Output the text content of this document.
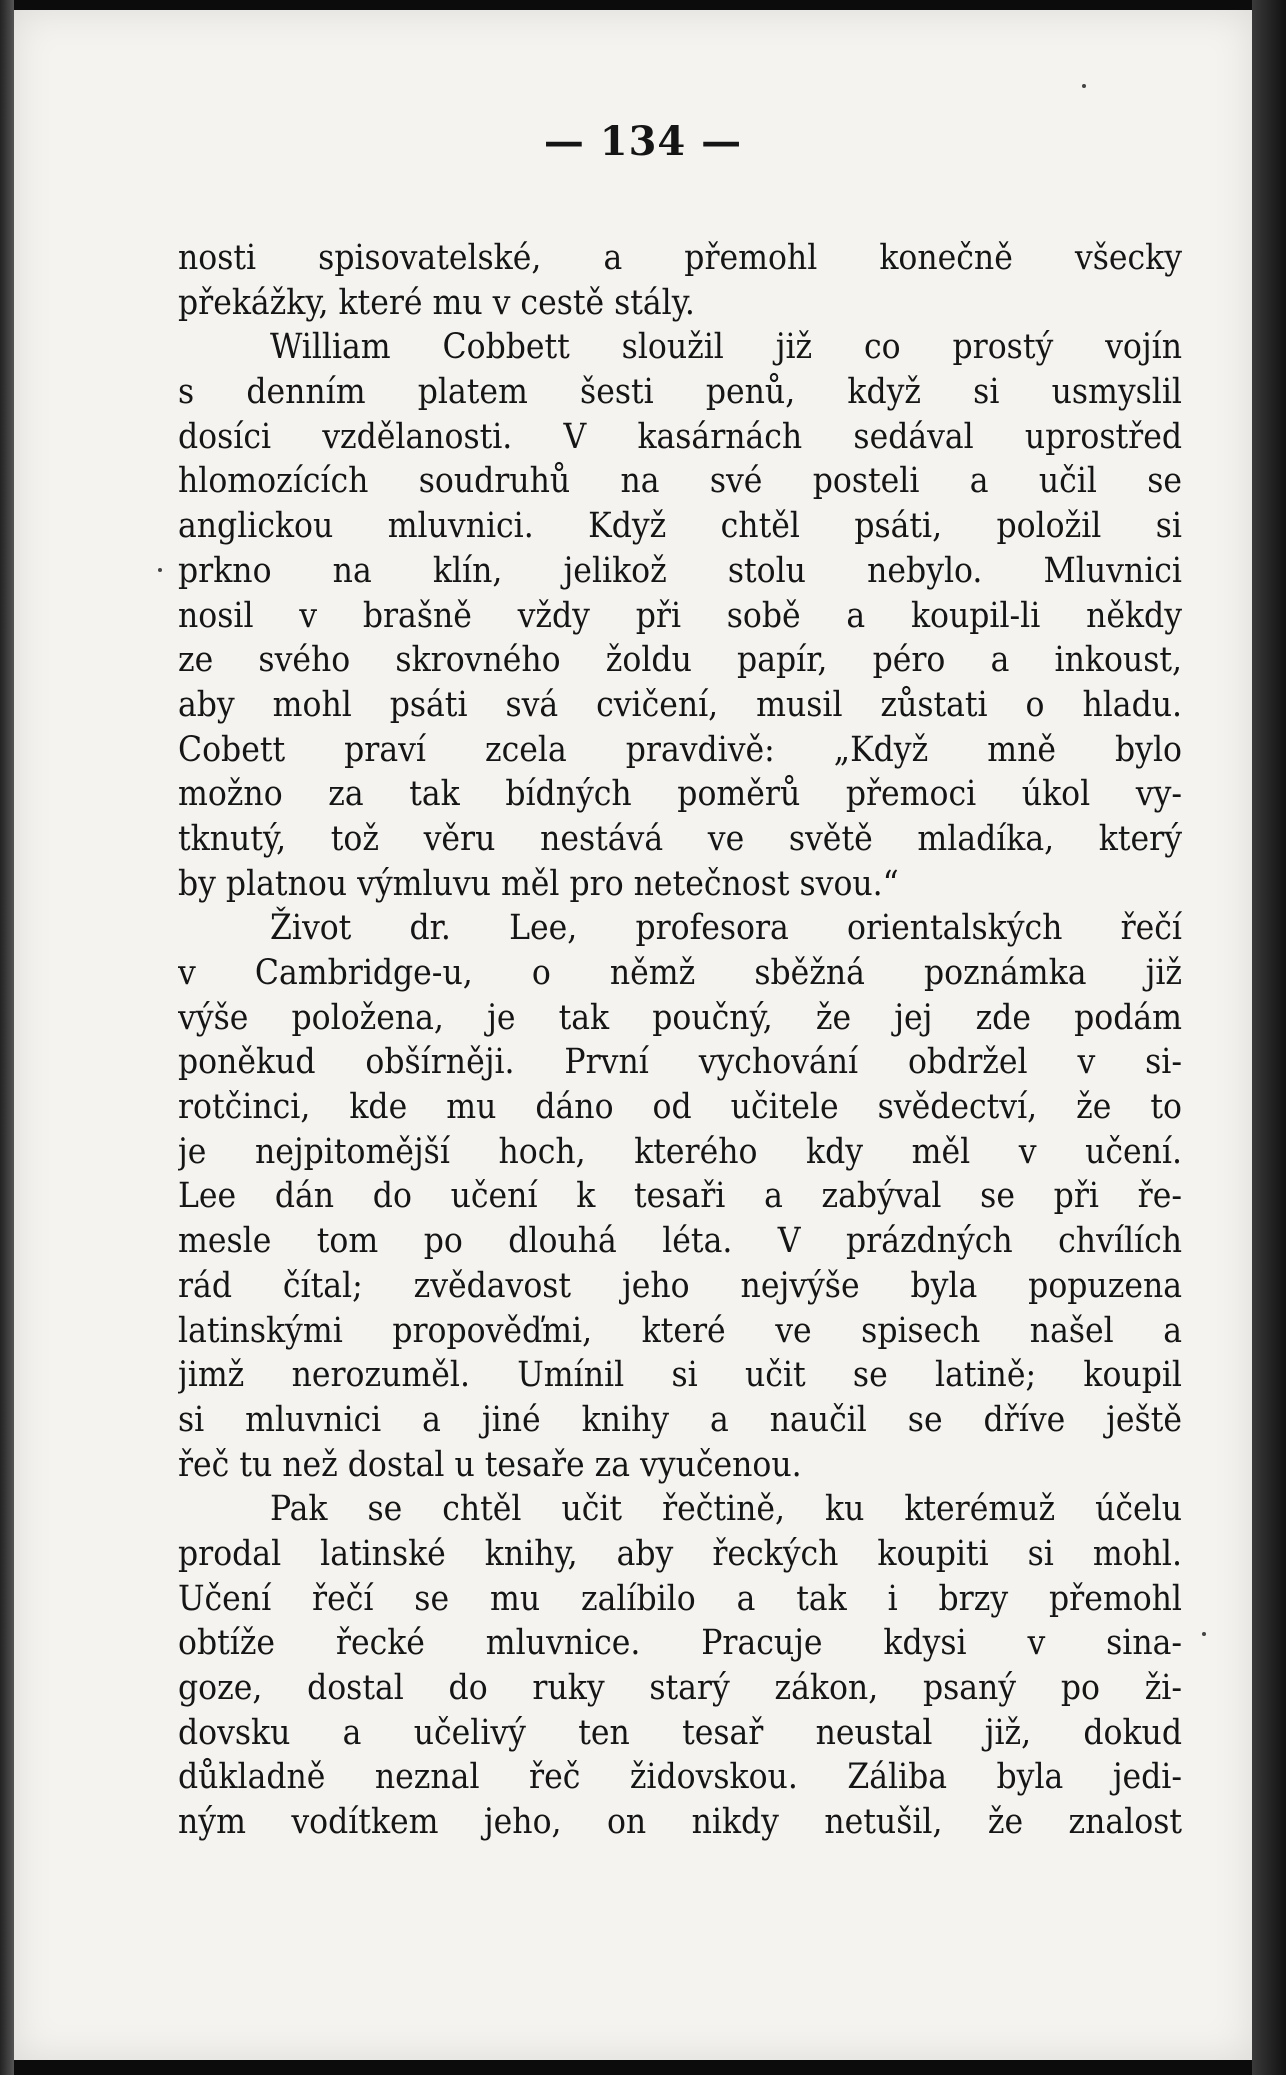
— 134 —
nosti spisovatelské, a přemohl konečně všecky
překážky, které mu v cestě stály.
William Cobbett sloužil již co prostý vojín
s denním platem šesti penů, když si usmyslil
dosíci vzdělanosti. V kasárnách sedával uprostřed
hlomozících soudruhů na své posteli a učil se
anglickou mluvnici. Když chtěl psáti, položil si
prkno na klín, jelikož stolu nebylo. Mluvnici
nosil v brašně vždy při sobě a koupil-li někdy
ze svého skrovného žoldu papír, péro a inkoust,
aby mohl psáti svá cvičení, musil zůstati o hladu.
Cobett praví zcela pravdivě: „Když mně bylo
možno za tak bídných poměrů přemoci úkol vy-
tknutý, tož věru nestává ve světě mladíka, který
by platnou výmluvu měl pro netečnost svou.“
Život dr. Lee, profesora orientalských řečí
v Cambridge-u, o němž sběžná poznámka již
výše položena, je tak poučný, že jej zde podám
poněkud obšírněji. První vychování obdržel v si-
rotčinci, kde mu dáno od učitele svědectví, že to
je nejpitomější hoch, kterého kdy měl v učení.
Lee dán do učení k tesaři a zabýval se při ře-
mesle tom po dlouhá léta. V prázdných chvílích
rád čítal; zvědavost jeho nejvýše byla popuzena
latinskými propověďmi, které ve spisech našel a
jimž nerozuměl. Umínil si učit se latině; koupil
si mluvnici a jiné knihy a naučil se dříve ještě
řeč tu než dostal u tesaře za vyučenou.
Pak se chtěl učit řečtině, ku kterémuž účelu
prodal latinské knihy, aby řeckých koupiti si mohl.
Učení řečí se mu zalíbilo a tak i brzy přemohl
obtíže řecké mluvnice. Pracuje kdysi v sina-
goze, dostal do ruky starý zákon, psaný po ži-
dovsku a učelivý ten tesař neustal již, dokud
důkladně neznal řeč židovskou. Záliba byla jedi-
ným vodítkem jeho, on nikdy netušil, že znalost
